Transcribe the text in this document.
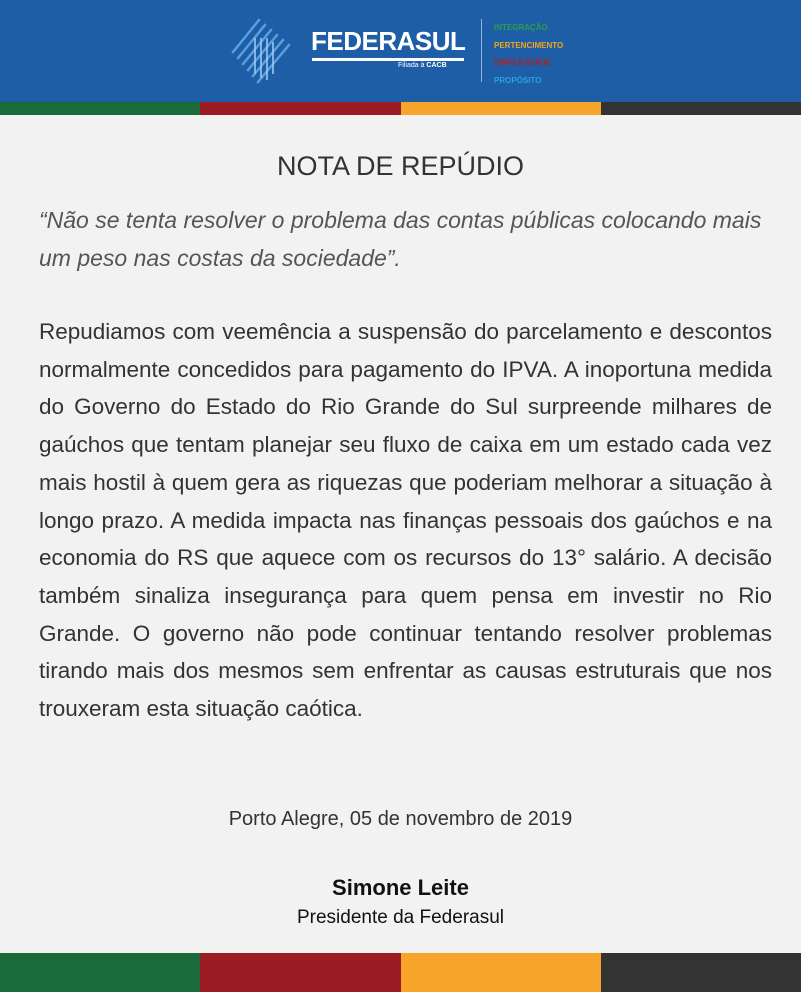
FEDERASUL
Filiada à CACB
INTEGRAÇÃO
PERTENCIMENTO
SIMPLICIDADE
PROPÓSITO
NOTA DE REPÚDIO
“Não se tenta resolver o problema das contas públicas colocando mais um peso nas costas da sociedade”.
Repudiamos com veemência a suspensão do parcelamento e descontos normalmente concedidos para pagamento do IPVA. A inoportuna medida do Governo do Estado do Rio Grande do Sul surpreende milhares de gaúchos que tentam planejar seu fluxo de caixa em um estado cada vez mais hostil à quem gera as riquezas que poderiam melhorar a situação à longo prazo. A medida impacta nas finanças pessoais dos gaúchos e na economia do RS que aquece com os recursos do 13° salário. A decisão também sinaliza insegurança para quem pensa em investir no Rio Grande. O governo não pode continuar tentando resolver problemas tirando mais dos mesmos sem enfrentar as causas estruturais que nos trouxeram esta situação caótica.
Porto Alegre, 05 de novembro de 2019
Simone Leite
Presidente da Federasul
